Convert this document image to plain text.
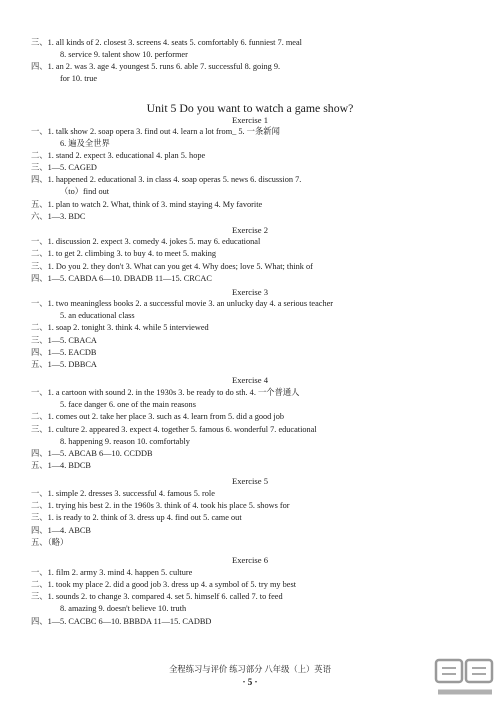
三、1. all kinds of 2. closest 3. screens 4. seats 5. comfortably 6. funniest 7. meal
8. service 9. talent show 10. performer
四、1. an 2. was 3. age 4. youngest 5. runs 6. able 7. successful 8. going 9.
for 10. true
Unit 5 Do you want to watch a game show?
Exercise 1
一、1. talk show 2. soap opera 3. find out 4. learn a lot from_ 5. 一条新闻
6. 遍及全世界
二、1. stand 2. expect 3. educational 4. plan 5. hope
三、1—5. CAGED
四、1. happened 2. educational 3. in class 4. soap operas 5. news 6. discussion 7.
（to）find out
五、1. plan to watch 2. What, think of 3. mind staying 4. My favorite
六、1—3. BDC
Exercise 2
一、1. discussion 2. expect 3. comedy 4. jokes 5. may 6. educational
二、1. to get 2. climbing 3. to buy 4. to meet 5. making
三、1. Do you 2. they don't 3. What can you get 4. Why does; love 5. What; think of
四、1—5. CABDA 6—10. DBADB 11—15. CRCAC
Exercise 3
一、1. two meaningless books 2. a successful movie 3. an unlucky day 4. a serious teacher
5. an educational class
二、1. soap 2. tonight 3. think 4. while 5 interviewed
三、1—5. CBACA
四、1—5. EACDB
五、1—5. DBBCA
Exercise 4
一、1. a cartoon with sound 2. in the 1930s 3. be ready to do sth. 4. 一个普通人
5. face danger 6. one of the main reasons
二、1. comes out 2. take her place 3. such as 4. learn from 5. did a good job
三、1. culture 2. appeared 3. expect 4. together 5. famous 6. wonderful 7. educational
8. happening 9. reason 10. comfortably
四、1—5. ABCAB 6—10. CCDDB
五、1—4. BDCB
Exercise 5
一、1. simple 2. dresses 3. successful 4. famous 5. role
二、1. trying his best 2. in the 1960s 3. think of 4. took his place 5. shows for
三、1. is ready to 2. think of 3. dress up 4. find out 5. came out
四、1—4. ABCB
五、（略）
Exercise 6
一、1. film 2. army 3. mind 4. happen 5. culture
二、1. took my place 2. did a good job 3. dress up 4. a symbol of 5. try my best
三、1. sounds 2. to change 3. compared 4. set 5. himself 6. called 7. to feed
8. amazing 9. doesn't believe 10. truth
四、1—5. CACBC 6—10. BBBDA 11—15. CADBD
全程练习与评价 练习部分 八年级（上）英语
· 5 ·
